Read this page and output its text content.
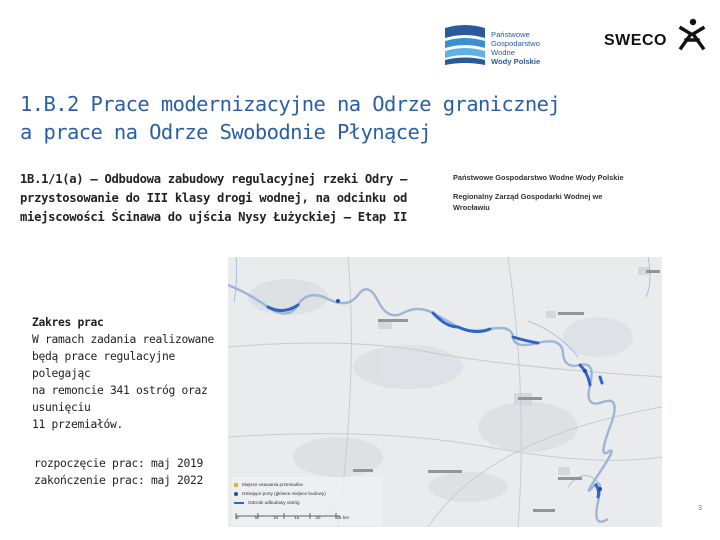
Państwowe
Gospodarstwo Wodne
Wody Polskie
SWECO
1.B.2 Prace modernizacyjne na Odrze granicznej
a prace na Odrze Swobodnie Płynącej
1B.1/1(a) – Odbudowa zabudowy regulacyjnej rzeki Odry –
przystosowanie do III klasy drogi wodnej, na odcinku od
miejscowości Ścinawa do ujścia Nysy Łużyckiej – Etap II
Państwowe Gospodarstwo Wodne Wody Polskie
Regionalny Zarząd Gospodarki Wodnej we
Wrocławiu
Miejsce usuwania przemiałów
Istniejące porty (główne miejsce budowy)
Odcinki odbudowy ostróg
0	5	10	15	20	25 km
Zakres prac
W ramach zadania realizowane
będą prace regulacyjne polegając
na remoncie 341 ostróg oraz
usunięciu
11 przemiałów.
rozpoczęcie prac: maj 2019
zakończenie prac: maj 2022
3
